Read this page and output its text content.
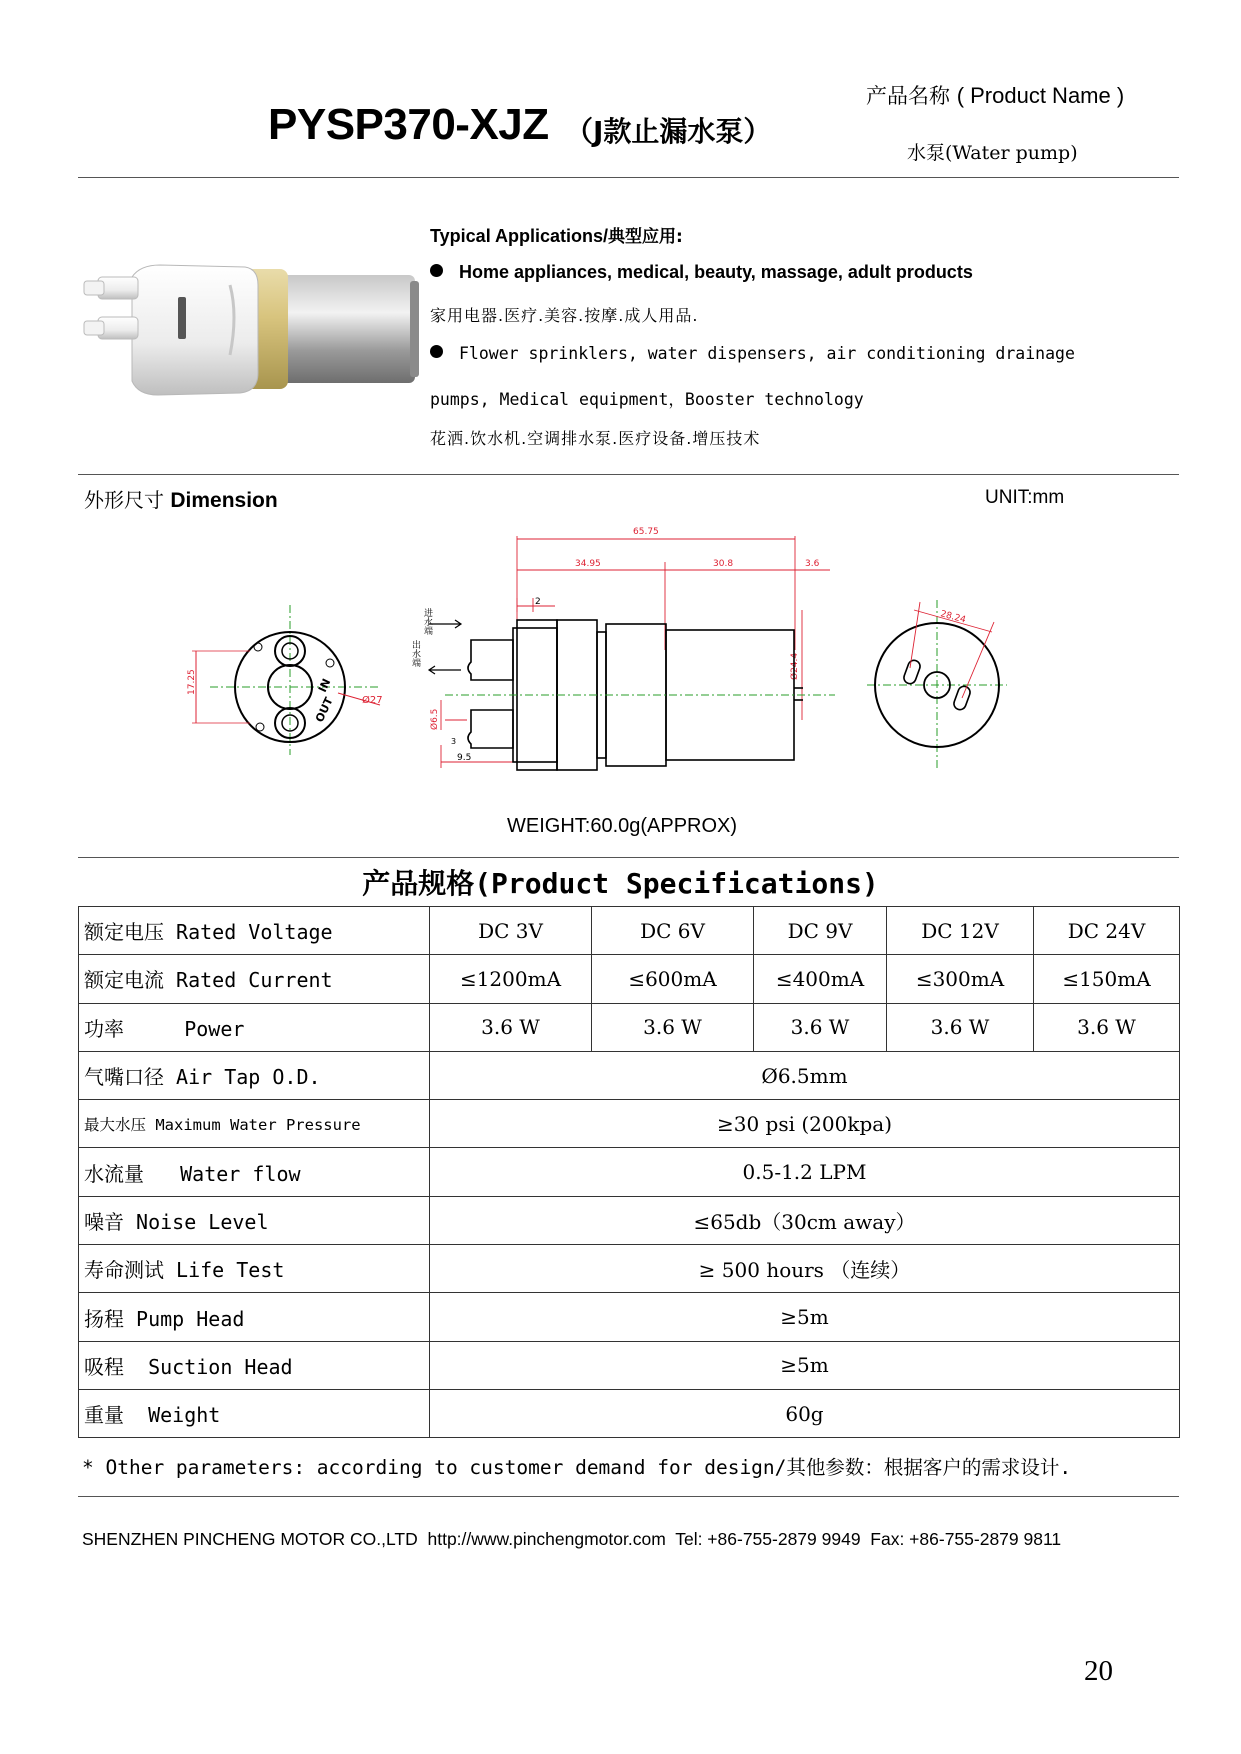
PYSP370-XJZ （J款止漏水泵）
产品名称 ( Product Name )
水泵(Water pump)
Typical Applications/典型应用:
Home appliances, medical, beauty, massage, adult products
家用电器.医疗.美容.按摩.成人用品.
Flower sprinklers, water dispensers, air conditioning drainage
pumps, Medical equipment，Booster technology
花洒.饮水机.空调排水泵.医疗设备.增压技术
外形尺寸 Dimension	UNIT:mm
17.25
Ø27
IN
OUT
65.75
34.95	30.8	3.6
2
Ø24.4
Ø6.5
9.5
3
出水端
进水端	28.24
WEIGHT:60.0g(APPROX)
产品规格(Product Specifications)
额定电压 Rated Voltage	DC 3V	DC 6V	DC 9V	DC 12V	DC 24V
额定电流 Rated Current	≤1200mA	≤600mA	≤400mA	≤300mA	≤150mA
功率     Power	3.6 W	3.6 W	3.6 W	3.6 W	3.6 W
气嘴口径 Air Tap O.D.	Ø6.5mm				
最大水压 Maximum Water Pressure	≥30 psi (200kpa)				
水流量   Water flow	0.5-1.2 LPM				
噪音 Noise Level	≤65db（30cm away）				
寿命测试 Life Test	≥ 500 hours （连续）				
扬程 Pump Head	≥5m				
吸程  Suction Head	≥5m				
重量  Weight	60g				
* Other parameters: according to customer demand for design/其他参数：根据客户的需求设计.
SHENZHEN PINCHENG MOTOR CO.,LTD  http://www.pinchengmotor.com  Tel: +86-755-2879 9949  Fax: +86-755-2879 9811
20
